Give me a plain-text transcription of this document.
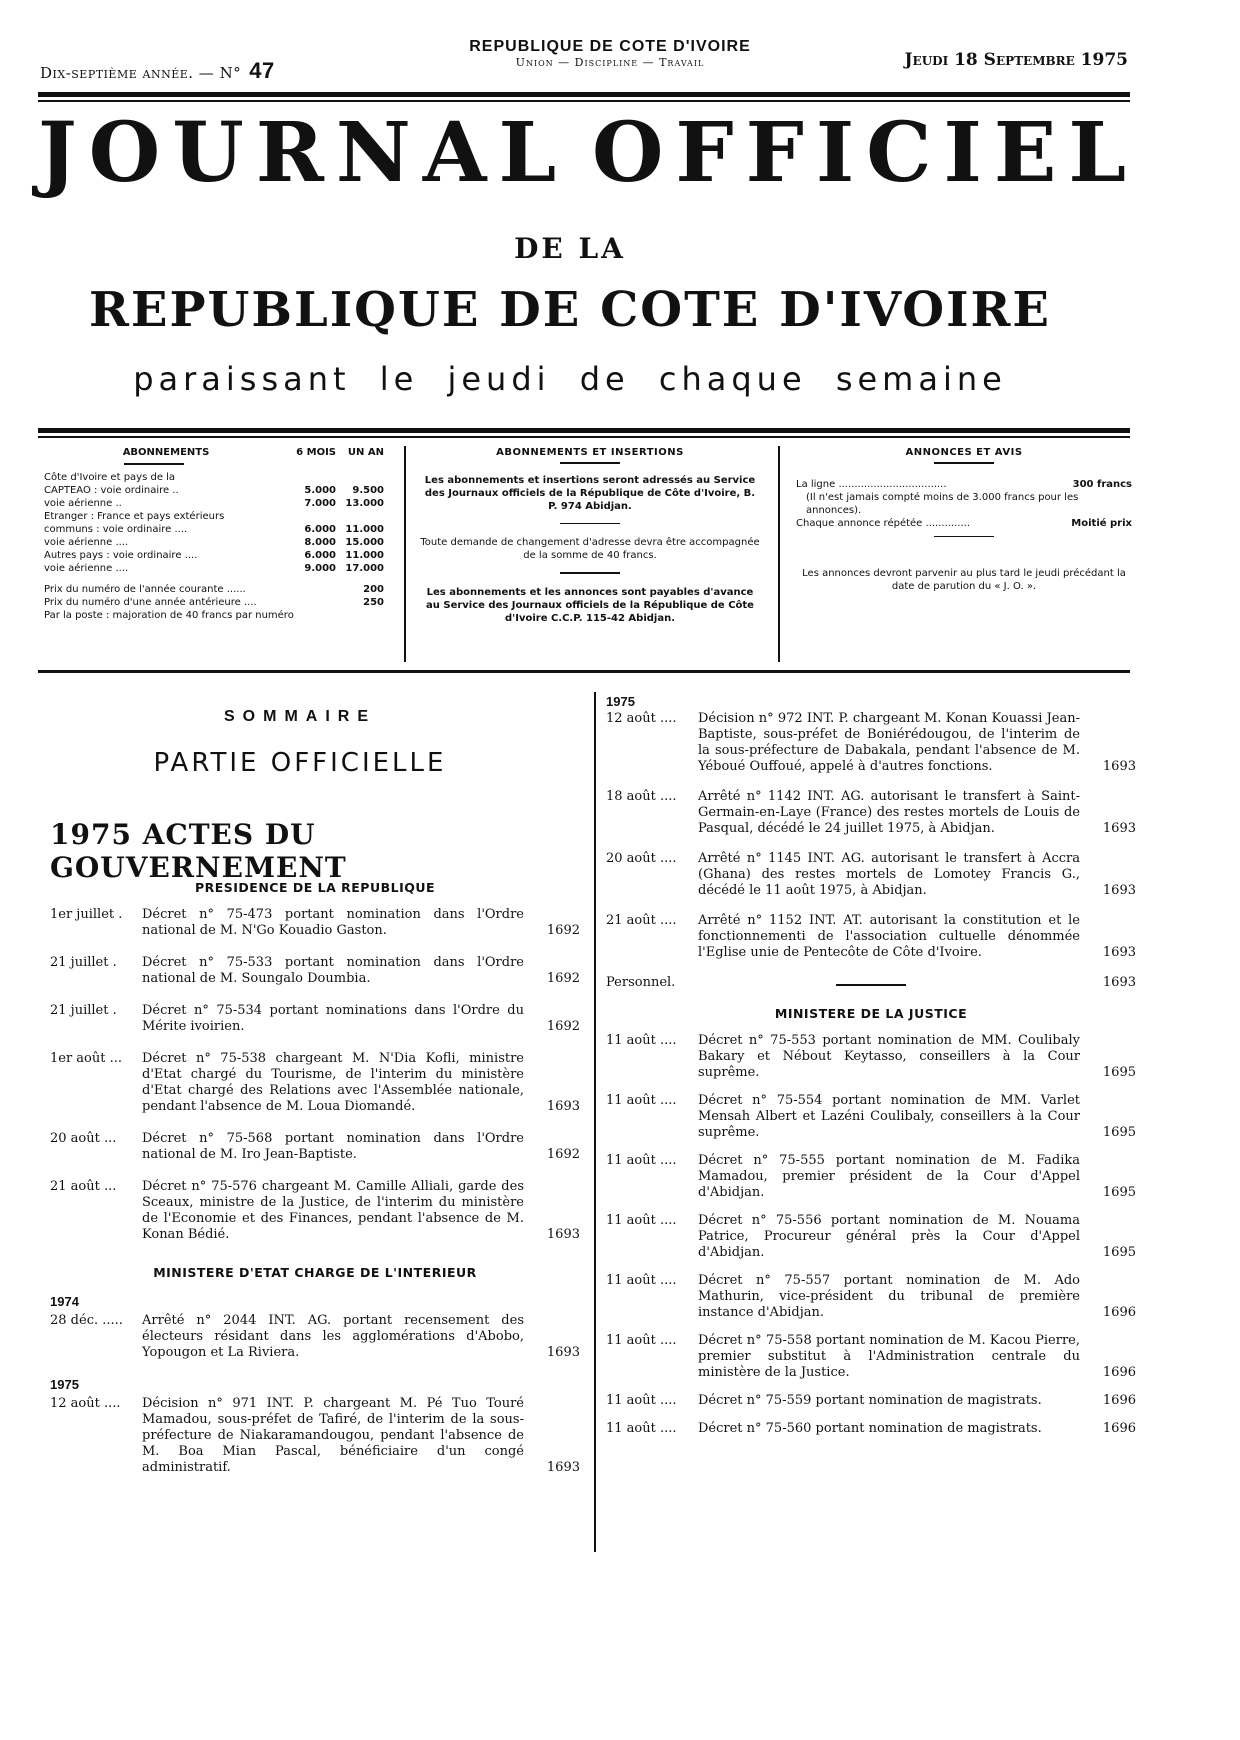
Dix-septième année. — N° 47
REPUBLIQUE DE COTE D'IVOIRE
Union — Discipline — Travail	Jeudi 18 Septembre 1975
JOURNAL OFFICIEL
DE LA
REPUBLIQUE DE COTE D'IVOIRE
paraissant le jeudi de chaque semaine
ABONNEMENTS	6 MOIS	UN AN
Côte d'Ivoire et pays de la
CAPTEAO : voie ordinaire ..	5.000	9.500
voie aérienne ..	7.000 13.000
Etranger : France et pays extérieurs
communs : voie ordinaire ....	6.000 11.000
voie aérienne ....	8.000 15.000
Autres pays : voie ordinaire ....	6.000 11.000
voie aérienne ....	9.000 17.000
Prix du numéro de l'année courante ......	200
Prix du numéro d'une année antérieure ....	250
Par la poste : majoration de 40 francs par numéro
ABONNEMENTS ET INSERTIONS
Les abonnements et insertions seront adressés au Service des Journaux officiels de la République de Côte d'Ivoire, B. P. 974 Abidjan.
Toute demande de changement d'adresse devra être accompagnée de la somme de 40 francs.
Les abonnements et les annonces sont payables d'avance au Service des Journaux officiels de la République de Côte d'Ivoire C.C.P. 115-42 Abidjan.
ANNONCES ET AVIS
La ligne ..................................	300 francs
(Il n'est jamais compté moins de 3.000 francs pour les annonces).
Chaque annonce répétée ..............	Moitié prix
Les annonces devront parvenir au plus tard le jeudi précédant la date de parution du « J. O. ».
SOMMAIRE
PARTIE OFFICIELLE
1975 ACTES DU GOUVERNEMENT
PRESIDENCE DE LA REPUBLIQUE
1er juillet .	Décret n° 75-473 portant nomination dans l'Ordre national de M. N'Go Kouadio Gaston.	1692
21 juillet .	Décret n° 75-533 portant nomination dans l'Ordre national de M. Soungalo Doumbia.	1692
21 juillet .	Décret n° 75-534 portant nominations dans l'Ordre du Mérite ivoirien.	1692
1er août ...	Décret n° 75-538 chargeant M. N'Dia Kofli, ministre d'Etat chargé du Tourisme, de l'interim du ministère d'Etat chargé des Relations avec l'Assemblée nationale, pendant l'absence de M. Loua Diomandé.	1693
20 août ...	Décret n° 75-568 portant nomination dans l'Ordre national de M. Iro Jean-Baptiste.	1692
21 août ...	Décret n° 75-576 chargeant M. Camille Alliali, garde des Sceaux, ministre de la Justice, de l'interim du ministère de l'Economie et des Finances, pendant l'absence de M. Konan Bédié.	1693
MINISTERE D'ETAT CHARGE DE L'INTERIEUR
1974
28 déc. .....	Arrêté n° 2044 INT. AG. portant recensement des électeurs résidant dans les agglomérations d'Abobo, Yopougon et La Riviera.	1693
1975
12 août ....	Décision n° 971 INT. P. chargeant M. Pé Tuo Touré Mamadou, sous-préfet de Tafiré, de l'interim de la sous-préfecture de Niakaramandougou, pendant l'absence de M. Boa Mian Pascal, bénéficiaire d'un congé administratif.	1693
1975
12 août ....	Décision n° 972 INT. P. chargeant M. Konan Kouassi Jean-Baptiste, sous-préfet de Boniérédougou, de l'interim de la sous-préfecture de Dabakala, pendant l'absence de M. Yéboué Ouffoué, appelé à d'autres fonctions.	1693
18 août ....	Arrêté n° 1142 INT. AG. autorisant le transfert à Saint-Germain-en-Laye (France) des restes mortels de Louis de Pasqual, décédé le 24 juillet 1975, à Abidjan.	1693
20 août ....	Arrêté n° 1145 INT. AG. autorisant le transfert à Accra (Ghana) des restes mortels de Lomotey Francis G., décédé le 11 août 1975, à Abidjan.	1693
21 août ....	Arrêté n° 1152 INT. AT. autorisant la constitution et le fonctionnementi de l'association cultuelle dénommée l'Eglise unie de Pentecôte de Côte d'Ivoire.	1693
Personnel.	1693
MINISTERE DE LA JUSTICE
11 août ....	Décret n° 75-553 portant nomination de MM. Coulibaly Bakary et Nébout Keytasso, conseillers à la Cour suprême.	1695
11 août ....	Décret n° 75-554 portant nomination de MM. Varlet Mensah Albert et Lazéni Coulibaly, conseillers à la Cour suprême.	1695
11 août ....	Décret n° 75-555 portant nomination de M. Fadika Mamadou, premier président de la Cour d'Appel d'Abidjan.	1695
11 août ....	Décret n° 75-556 portant nomination de M. Nouama Patrice, Procureur général près la Cour d'Appel d'Abidjan.	1695
11 août ....	Décret n° 75-557 portant nomination de M. Ado Mathurin, vice-président du tribunal de première instance d'Abidjan.	1696
11 août ....	Décret n° 75-558 portant nomination de M. Kacou Pierre, premier substitut à l'Administration centrale du ministère de la Justice.	1696
11 août ....	Décret n° 75-559 portant nomination de magistrats.	1696
11 août ....	Décret n° 75-560 portant nomination de magistrats.	1696
